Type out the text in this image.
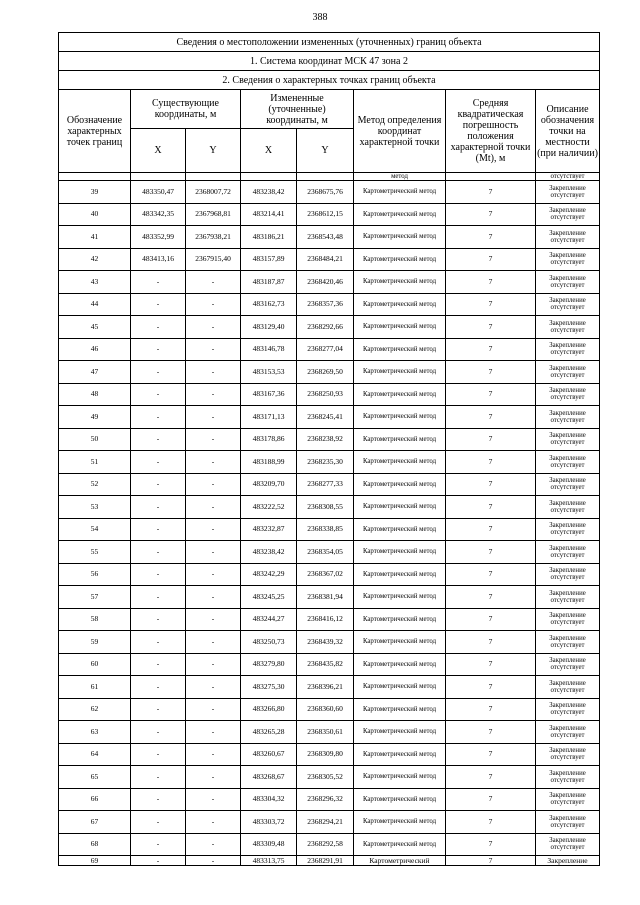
388
Сведения о местоположении измененных (уточненных) границ объекта							
1. Система координат МСК 47 зона 2							
2. Сведения о характерных точках границ объекта							
Обозначение характерных точек границ	Существующие координаты, м		Измененные (уточненные) координаты, м		Метод определения координат характерной точки	Средняя квадратическая погрешность положения характерной точки (Mt), м	Описание обозначения точки на местности (при наличии)
	X	Y	X	Y			
					метод		отсутствует
39	483350,47	2368007,72	483238,42	2368675,76	Картометрический метод	7	Закрепление отсутствует
40	483342,35	2367968,81	483214,41	2368612,15	Картометрический метод	7	Закрепление отсутствует
41	483352,99	2367938,21	483186,21	2368543,48	Картометрический метод	7	Закрепление отсутствует
42	483413,16	2367915,40	483157,89	2368484,21	Картометрический метод	7	Закрепление отсутствует
43	-	-	483187,87	2368420,46	Картометрический метод	7	Закрепление отсутствует
44	-	-	483162,73	2368357,36	Картометрический метод	7	Закрепление отсутствует
45	-	-	483129,40	2368292,66	Картометрический метод	7	Закрепление отсутствует
46	-	-	483146,78	2368277,04	Картометрический метод	7	Закрепление отсутствует
47	-	-	483153,53	2368269,50	Картометрический метод	7	Закрепление отсутствует
48	-	-	483167,36	2368250,93	Картометрический метод	7	Закрепление отсутствует
49	-	-	483171,13	2368245,41	Картометрический метод	7	Закрепление отсутствует
50	-	-	483178,86	2368238,92	Картометрический метод	7	Закрепление отсутствует
51	-	-	483188,99	2368235,30	Картометрический метод	7	Закрепление отсутствует
52	-	-	483209,70	2368277,33	Картометрический метод	7	Закрепление отсутствует
53	-	-	483222,52	2368308,55	Картометрический метод	7	Закрепление отсутствует
54	-	-	483232,87	2368338,85	Картометрический метод	7	Закрепление отсутствует
55	-	-	483238,42	2368354,05	Картометрический метод	7	Закрепление отсутствует
56	-	-	483242,29	2368367,02	Картометрический метод	7	Закрепление отсутствует
57	-	-	483245,25	2368381,94	Картометрический метод	7	Закрепление отсутствует
58	-	-	483244,27	2368416,12	Картометрический метод	7	Закрепление отсутствует
59	-	-	483250,73	2368439,32	Картометрический метод	7	Закрепление отсутствует
60	-	-	483279,80	2368435,82	Картометрический метод	7	Закрепление отсутствует
61	-	-	483275,30	2368396,21	Картометрический метод	7	Закрепление отсутствует
62	-	-	483266,80	2368360,60	Картометрический метод	7	Закрепление отсутствует
63	-	-	483265,28	2368350,61	Картометрический метод	7	Закрепление отсутствует
64	-	-	483260,67	2368309,80	Картометрический метод	7	Закрепление отсутствует
65	-	-	483268,67	2368305,52	Картометрический метод	7	Закрепление отсутствует
66	-	-	483304,32	2368296,32	Картометрический метод	7	Закрепление отсутствует
67	-	-	483303,72	2368294,21	Картометрический метод	7	Закрепление отсутствует
68	-	-	483309,48	2368292,58	Картометрический метод	7	Закрепление отсутствует
69	-	-	483313,75	2368291,91	Картометрический	7	Закрепление
